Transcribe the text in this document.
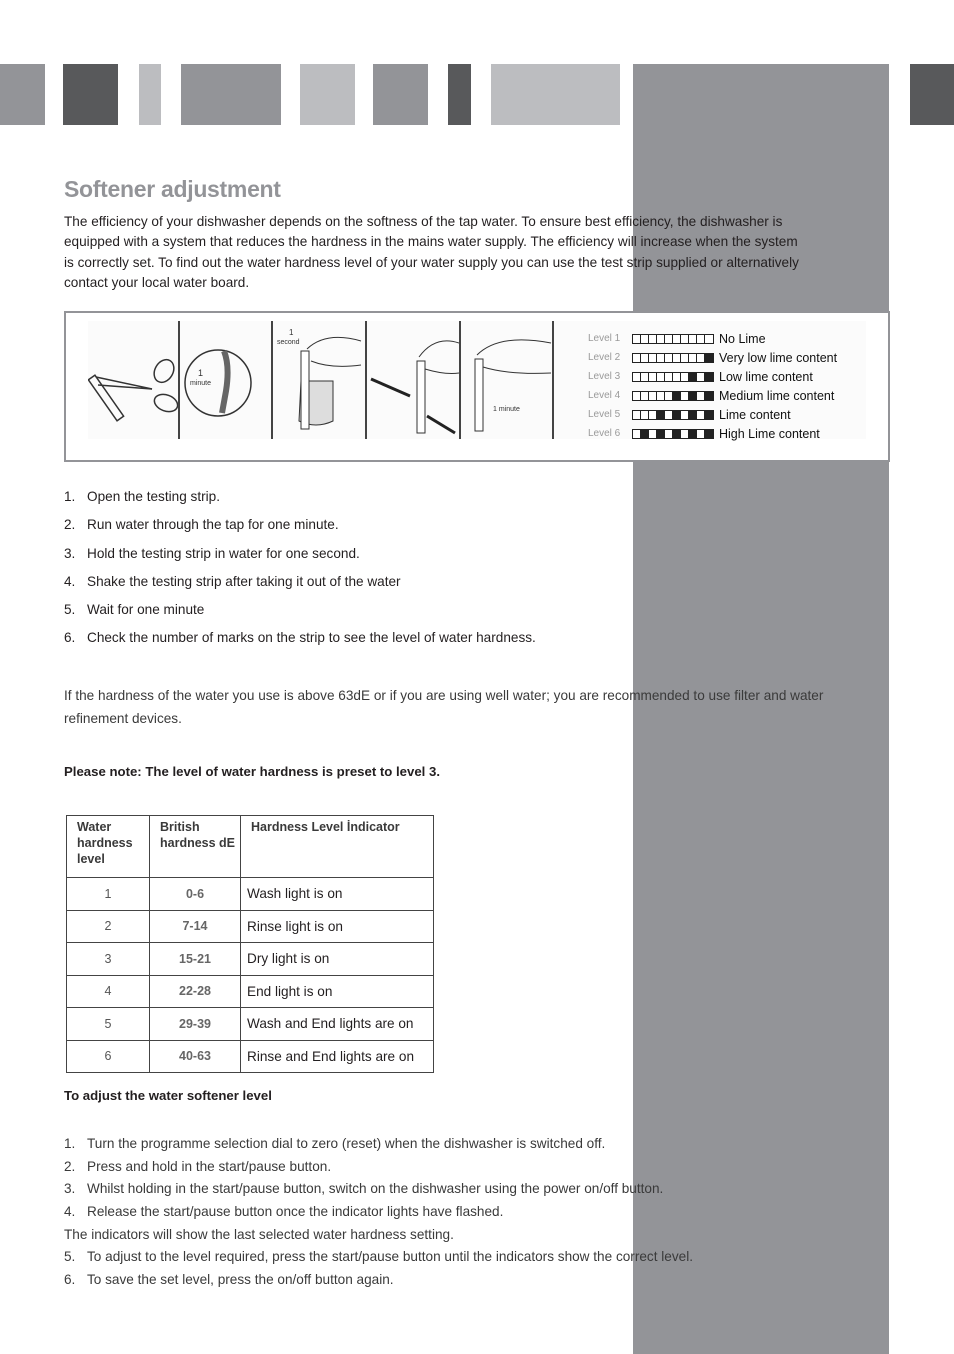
Softener adjustment

The efficiency of your dishwasher depends on the softness of the tap water. To ensure best efficiency, the dishwasher is equipped with a system that reduces the hardness in the mains water supply. The efficiency will increase when the system is correctly set. To find out the water hardness level of your water supply you can use the test strip supplied or alternatively contact your local water board.

1
minute
1
second
1 minute
Level 1	No Lime
Level 2	Very low lime content
Level 3	Low lime content
Level 4	Medium lime content
Level 5	Lime content
Level 6	High Lime content
1. Open the testing strip.
2. Run water through the tap for one minute.
3. Hold the testing strip in water for one second.
4. Shake the testing strip after taking it out of the water
5. Wait for one minute
6. Check the number of marks on the strip to see the level of water hardness.

If the hardness of the water you use is above 63dE or if you are using well water; you are recommended to use filter and water refinement devices.

Please note: The level of water hardness is preset to level 3.
Water hardness level	British hardness dE	Hardness Level İndicator
1	0-6	Wash light is on
2	7-14	Rinse light is on
3	15-21	Dry light is on
4	22-28	End light is on
5	29-39	Wash and End lights are on
6	40-63	Rinse and End lights are on
To adjust the water softener level
1. Turn the programme selection dial to zero (reset) when the dishwasher is switched off.
2. Press and hold in the start/pause button.
3. Whilst holding in the start/pause button, switch on the dishwasher using the power on/off button.
4. Release the start/pause button once the indicator lights have flashed.
The indicators will show the last selected water hardness setting.
5. To adjust to the level required, press the start/pause button until the indicators show the correct level.
6. To save the set level, press the on/off button again.
